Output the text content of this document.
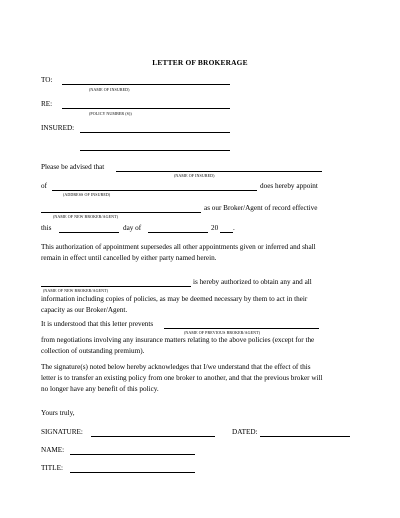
LETTER OF BROKERAGE
TO:
(NAME OF INSURED)
RE:
(POLICY NUMBER (S))
INSURED:
Please be advised that
(NAME OF INSURED)
of	does hereby appoint
(ADDRESS OF INSURED)
as our Broker/Agent of record effective
(NAME OF NEW BROKER/AGENT)
this	day of	20 .
This authorization of appointment supersedes all other appointments given or inferred and shall
remain in effect until cancelled by either party named herein.
is hereby authorized to obtain any and all
(NAME OF NEW BROKER/AGENT)
information including copies of policies, as may be deemed necessary by them to act in their
capacity as our Broker/Agent.
It is understood that this letter prevents
(NAME OF PREVIOUS BROKER/AGENT)
from negotiations involving any insurance matters relating to the above policies (except for the
collection of outstanding premium).
The signature(s) noted below hereby acknowledges that I/we understand that the effect of this
letter is to transfer an existing policy from one broker to another, and that the previous broker will
no longer have any benefit of this policy.
Yours truly,
SIGNATURE:	DATED:
NAME:
TITLE:
